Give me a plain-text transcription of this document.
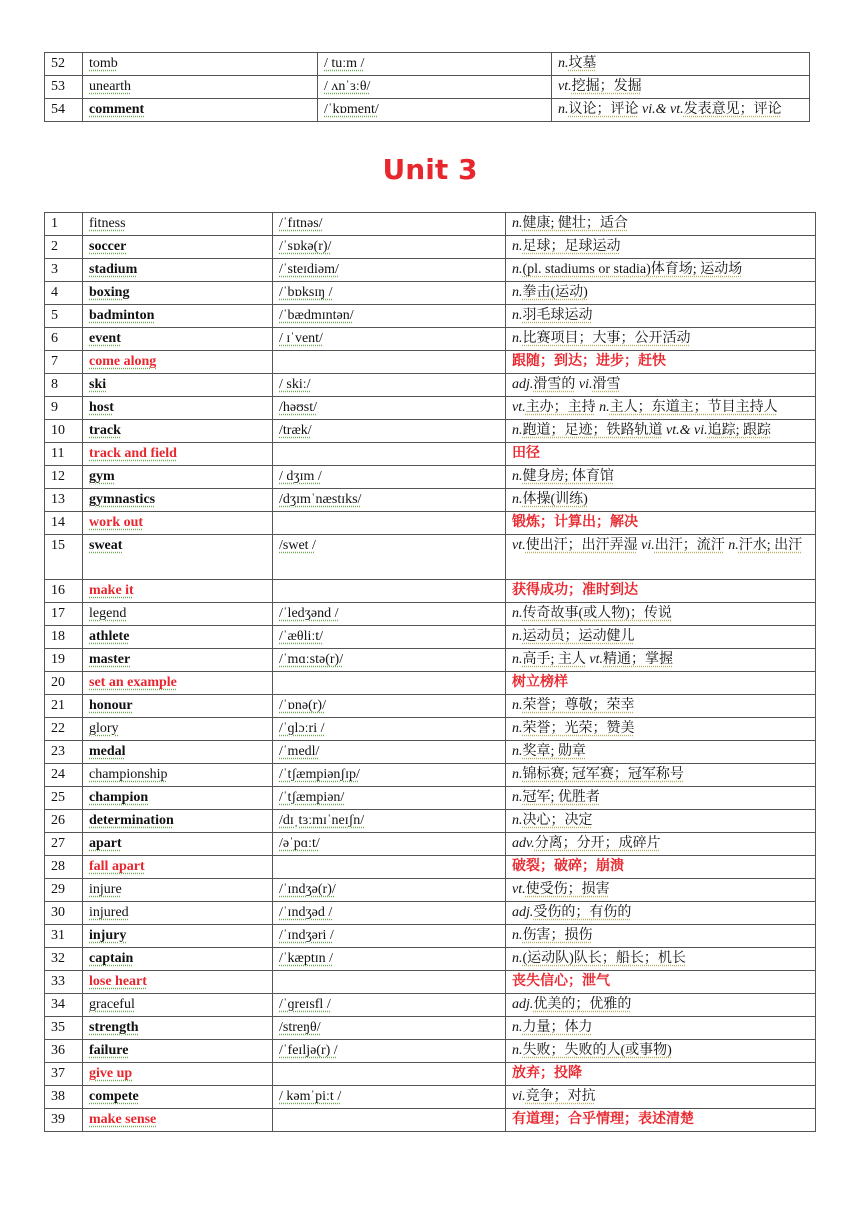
52	tomb	/ tuːm /	n.坟墓
53	unearth	/ ʌnˈɜːθ/	vt.挖掘；发掘
54	comment	/ˈkɒment/	n.议论；评论 vi.& vt.发表意见；评论
Unit 3
1	fitness	/ˈfɪtnəs/	n.健康; 健壮；适合
2	soccer	/ˈsɒkə(r)/	n.足球；足球运动
3	stadium	/ˈsteɪdiəm/	n.(pl. stadiums or stadia)体育场; 运动场
4	boxing	/ˈbɒksɪŋ /	n.拳击(运动)
5	badminton	/ˈbædmɪntən/	n.羽毛球运动
6	event	/ ɪˈvent/	n.比赛项目；大事；公开活动
7	come along		跟随；到达；进步；赶快
8	ski	/ skiː/	adj.滑雪的 vi.滑雪
9	host	/həʊst/	vt.主办；主持 n.主人；东道主；节目主持人
10	track	/træk/	n.跑道；足迹；铁路轨道 vt.& vi.追踪; 跟踪
11	track and field		田径
12	gym	/ dʒɪm /	n.健身房; 体育馆
13	gymnastics	/dʒɪmˈnæstɪks/	n.体操(训练)
14	work out		锻炼；计算出；解决
15	sweat	/swet /	vt.使出汗；出汗弄湿 vi.出汗；流汗 n.汗水; 出汗
16	make it		获得成功；准时到达
17	legend	/ˈledʒənd /	n.传奇故事(或人物)；传说
18	athlete	/ˈæθliːt/	n.运动员；运动健儿
19	master	/ˈmɑːstə(r)/	n.高手; 主人 vt.精通；掌握
20	set an example		树立榜样
21	honour	/ˈɒnə(r)/	n.荣誉；尊敬；荣幸
22	glory	/ˈɡlɔːri /	n.荣誉；光荣；赞美
23	medal	/ˈmedl/	n.奖章; 勋章
24	championship	/ˈtʃæmpiənʃɪp/	n.锦标赛; 冠军赛；冠军称号
25	champion	/ˈtʃæmpiən/	n.冠军; 优胜者
26	determination	/dɪˌtɜːmɪˈneɪʃn/	n.决心；决定
27	apart	/əˈpɑːt/	adv.分离；分开；成碎片
28	fall apart		破裂；破碎；崩溃
29	injure	/ˈɪndʒə(r)/	vt.使受伤；损害
30	injured	/ˈɪndʒəd /	adj.受伤的；有伤的
31	injury	/ˈɪndʒəri /	n.伤害；损伤
32	captain	/ˈkæptɪn /	n.(运动队)队长；船长；机长
33	lose heart		丧失信心；泄气
34	graceful	/ˈɡreɪsfl /	adj.优美的；优雅的
35	strength	/streŋθ/	n.力量；体力
36	failure	/ˈfeɪljə(r) /	n.失败；失败的人(或事物)
37	give up		放弃；投降
38	compete	/ kəmˈpiːt /	vi.竞争；对抗
39	make sense		有道理；合乎情理；表述清楚
